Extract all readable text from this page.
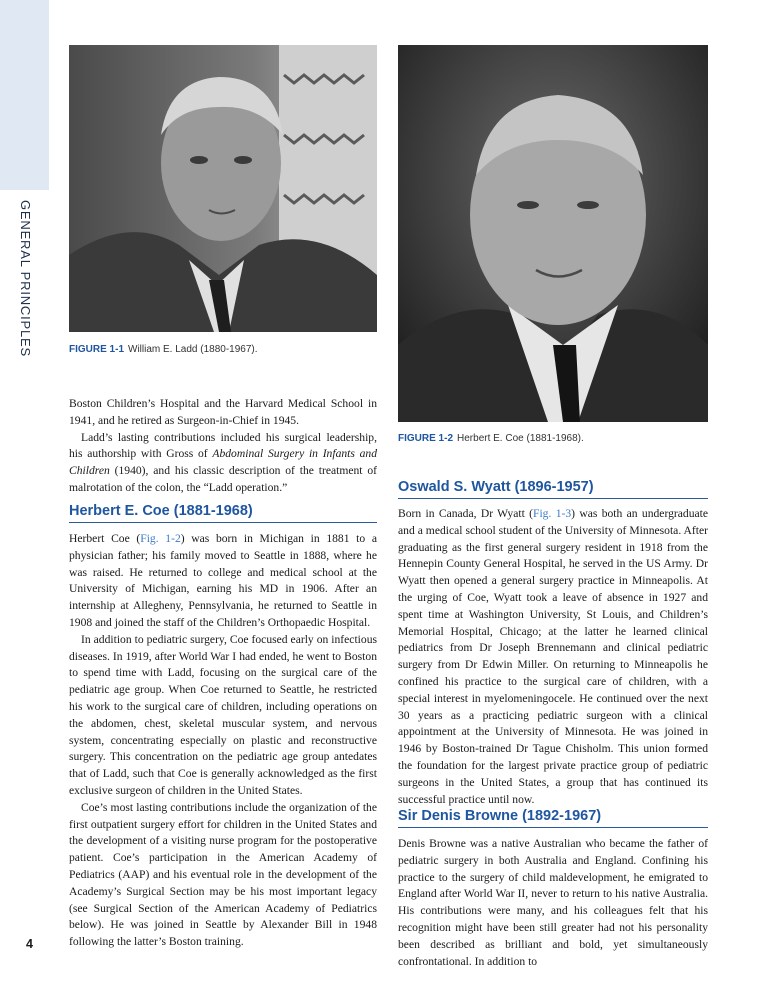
GENERAL PRINCIPLES
4
FIGURE 1-1 William E. Ladd (1880-1967).
FIGURE 1-2 Herbert E. Coe (1881-1968).

Boston Children’s Hospital and the Harvard Medical School in 1941, and he retired as Surgeon-in-Chief in 1945.

Ladd’s lasting contributions included his surgical leadership, his authorship with Gross of Abdominal Surgery in Infants and Children (1940), and his classic description of the treatment of malrotation of the colon, the “Ladd operation.”

Herbert E. Coe (1881-1968)

Herbert Coe (Fig. 1-2) was born in Michigan in 1881 to a physician father; his family moved to Seattle in 1888, where he was raised. He returned to college and medical school at the University of Michigan, earning his MD in 1906. After an internship at Allegheny, Pennsylvania, he returned to Seattle in 1908 and joined the staff of the Children’s Orthopaedic Hospital.

In addition to pediatric surgery, Coe focused early on infectious diseases. In 1919, after World War I had ended, he went to Boston to spend time with Ladd, focusing on the surgical care of the pediatric age group. When Coe returned to Seattle, he restricted his work to the surgical care of children, including operations on the abdomen, chest, skeletal muscular system, and nervous system, concentrating especially on plastic and reconstructive surgery. This concentration on the pediatric age group antedates that of Ladd, such that Coe is generally acknowledged as the first exclusive surgeon of children in the United States.

Coe’s most lasting contributions include the organization of the first outpatient surgery effort for children in the United States and the development of a visiting nurse program for the postoperative patient. Coe’s participation in the American Academy of Pediatrics (AAP) and his eventual role in the development of the Academy’s Surgical Section may be his most important legacy (see Surgical Section of the American Academy of Pediatrics below). He was joined in Seattle by Alexander Bill in 1948 following the latter’s Boston training.

Oswald S. Wyatt (1896-1957)

Born in Canada, Dr Wyatt (Fig. 1-3) was both an undergraduate and a medical school student of the University of Minnesota. After graduating as the first general surgery resident in 1918 from the Hennepin County General Hospital, he served in the US Army. Dr Wyatt then opened a general surgery practice in Minneapolis. At the urging of Coe, Wyatt took a leave of absence in 1927 and spent time at Washington University, St Louis, and Children’s Memorial Hospital, Chicago; at the latter he learned clinical pediatrics from Dr Joseph Brennemann and clinical pediatric surgery from Dr Edwin Miller. On returning to Minneapolis he confined his practice to the surgical care of children, with a special interest in myelomeningocele. He continued over the next 30 years as a practicing pediatric surgeon with a clinical appointment at the University of Minnesota. He was joined in 1946 by Boston-trained Dr Tague Chisholm. This union formed the foundation for the largest private practice group of pediatric surgeons in the United States, a group that has continued its successful practice until now.

Sir Denis Browne (1892-1967)

Denis Browne was a native Australian who became the father of pediatric surgery in both Australia and England. Confining his practice to the surgery of child maldevelopment, he emigrated to England after World War II, never to return to his native Australia. His contributions were many, and his colleagues felt that his recognition might have been still greater had not his personality been described as brilliant and bold, yet simultaneously confrontational. In addition to
